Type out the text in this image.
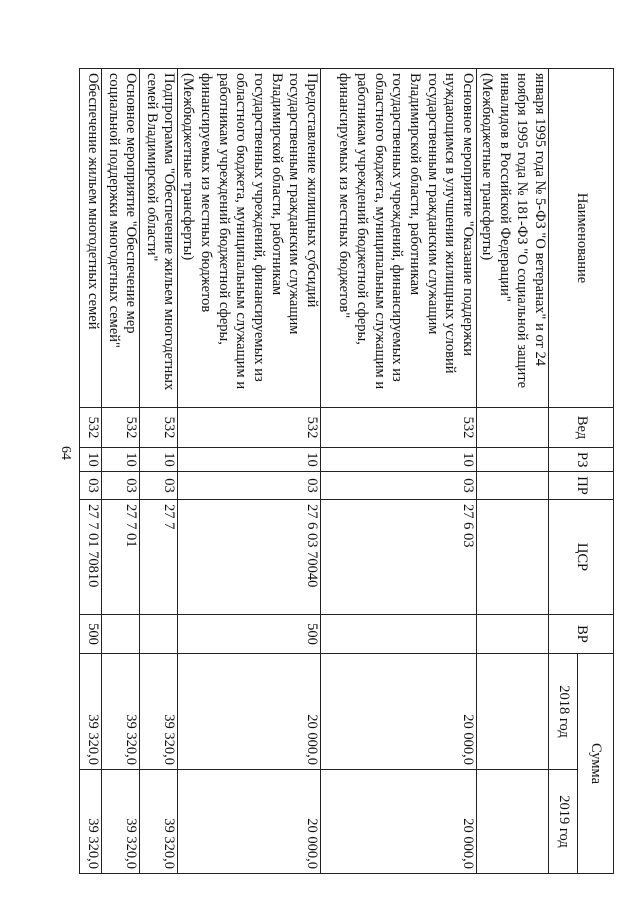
64
Наименование	Вед	РЗ	ПР	ЦСР	ВР	Сумма	
						2018 год	2019 год
января 1995 года № 5-ФЗ "О ветеранах" и от 24 ноября 1995 года № 181-ФЗ "О социальной защите инвалидов в Российской Федерации" (Межбюджетные трансферты)							
Основное мероприятие "Оказание поддержки нуждающимся в улучшении жилищных условий государственным гражданским служащим Владимирской области, работникам государственных учреждений, финансируемых из областного бюджета, муниципальным служащим и работникам учреждений бюджетной сферы, финансируемых из местных бюджетов"	532	10	03	27 6 03		20 000,0	20 000,0
Предоставление жилищных субсидий государственным гражданским служащим Владимирской области, работникам государственных учреждений, финансируемых из областного бюджета, муниципальным служащим и работникам учреждений бюджетной сферы, финансируемых из местных бюджетов (Межбюджетные трансферты)	532	10	03	27 6 03 70040	500	20 000,0	20 000,0
Подпрограмма "Обеспечение жильем многодетных семей Владимирской области"	532	10	03	27 7		39 320,0	39 320,0
Основное мероприятие "Обеспечение мер социальной поддержки многодетных семей"	532	10	03	27 7 01		39 320,0	39 320,0
Обеспечение жильем многодетных семей	532	10	03	27 7 01 70810	500	39 320,0	39 320,0
